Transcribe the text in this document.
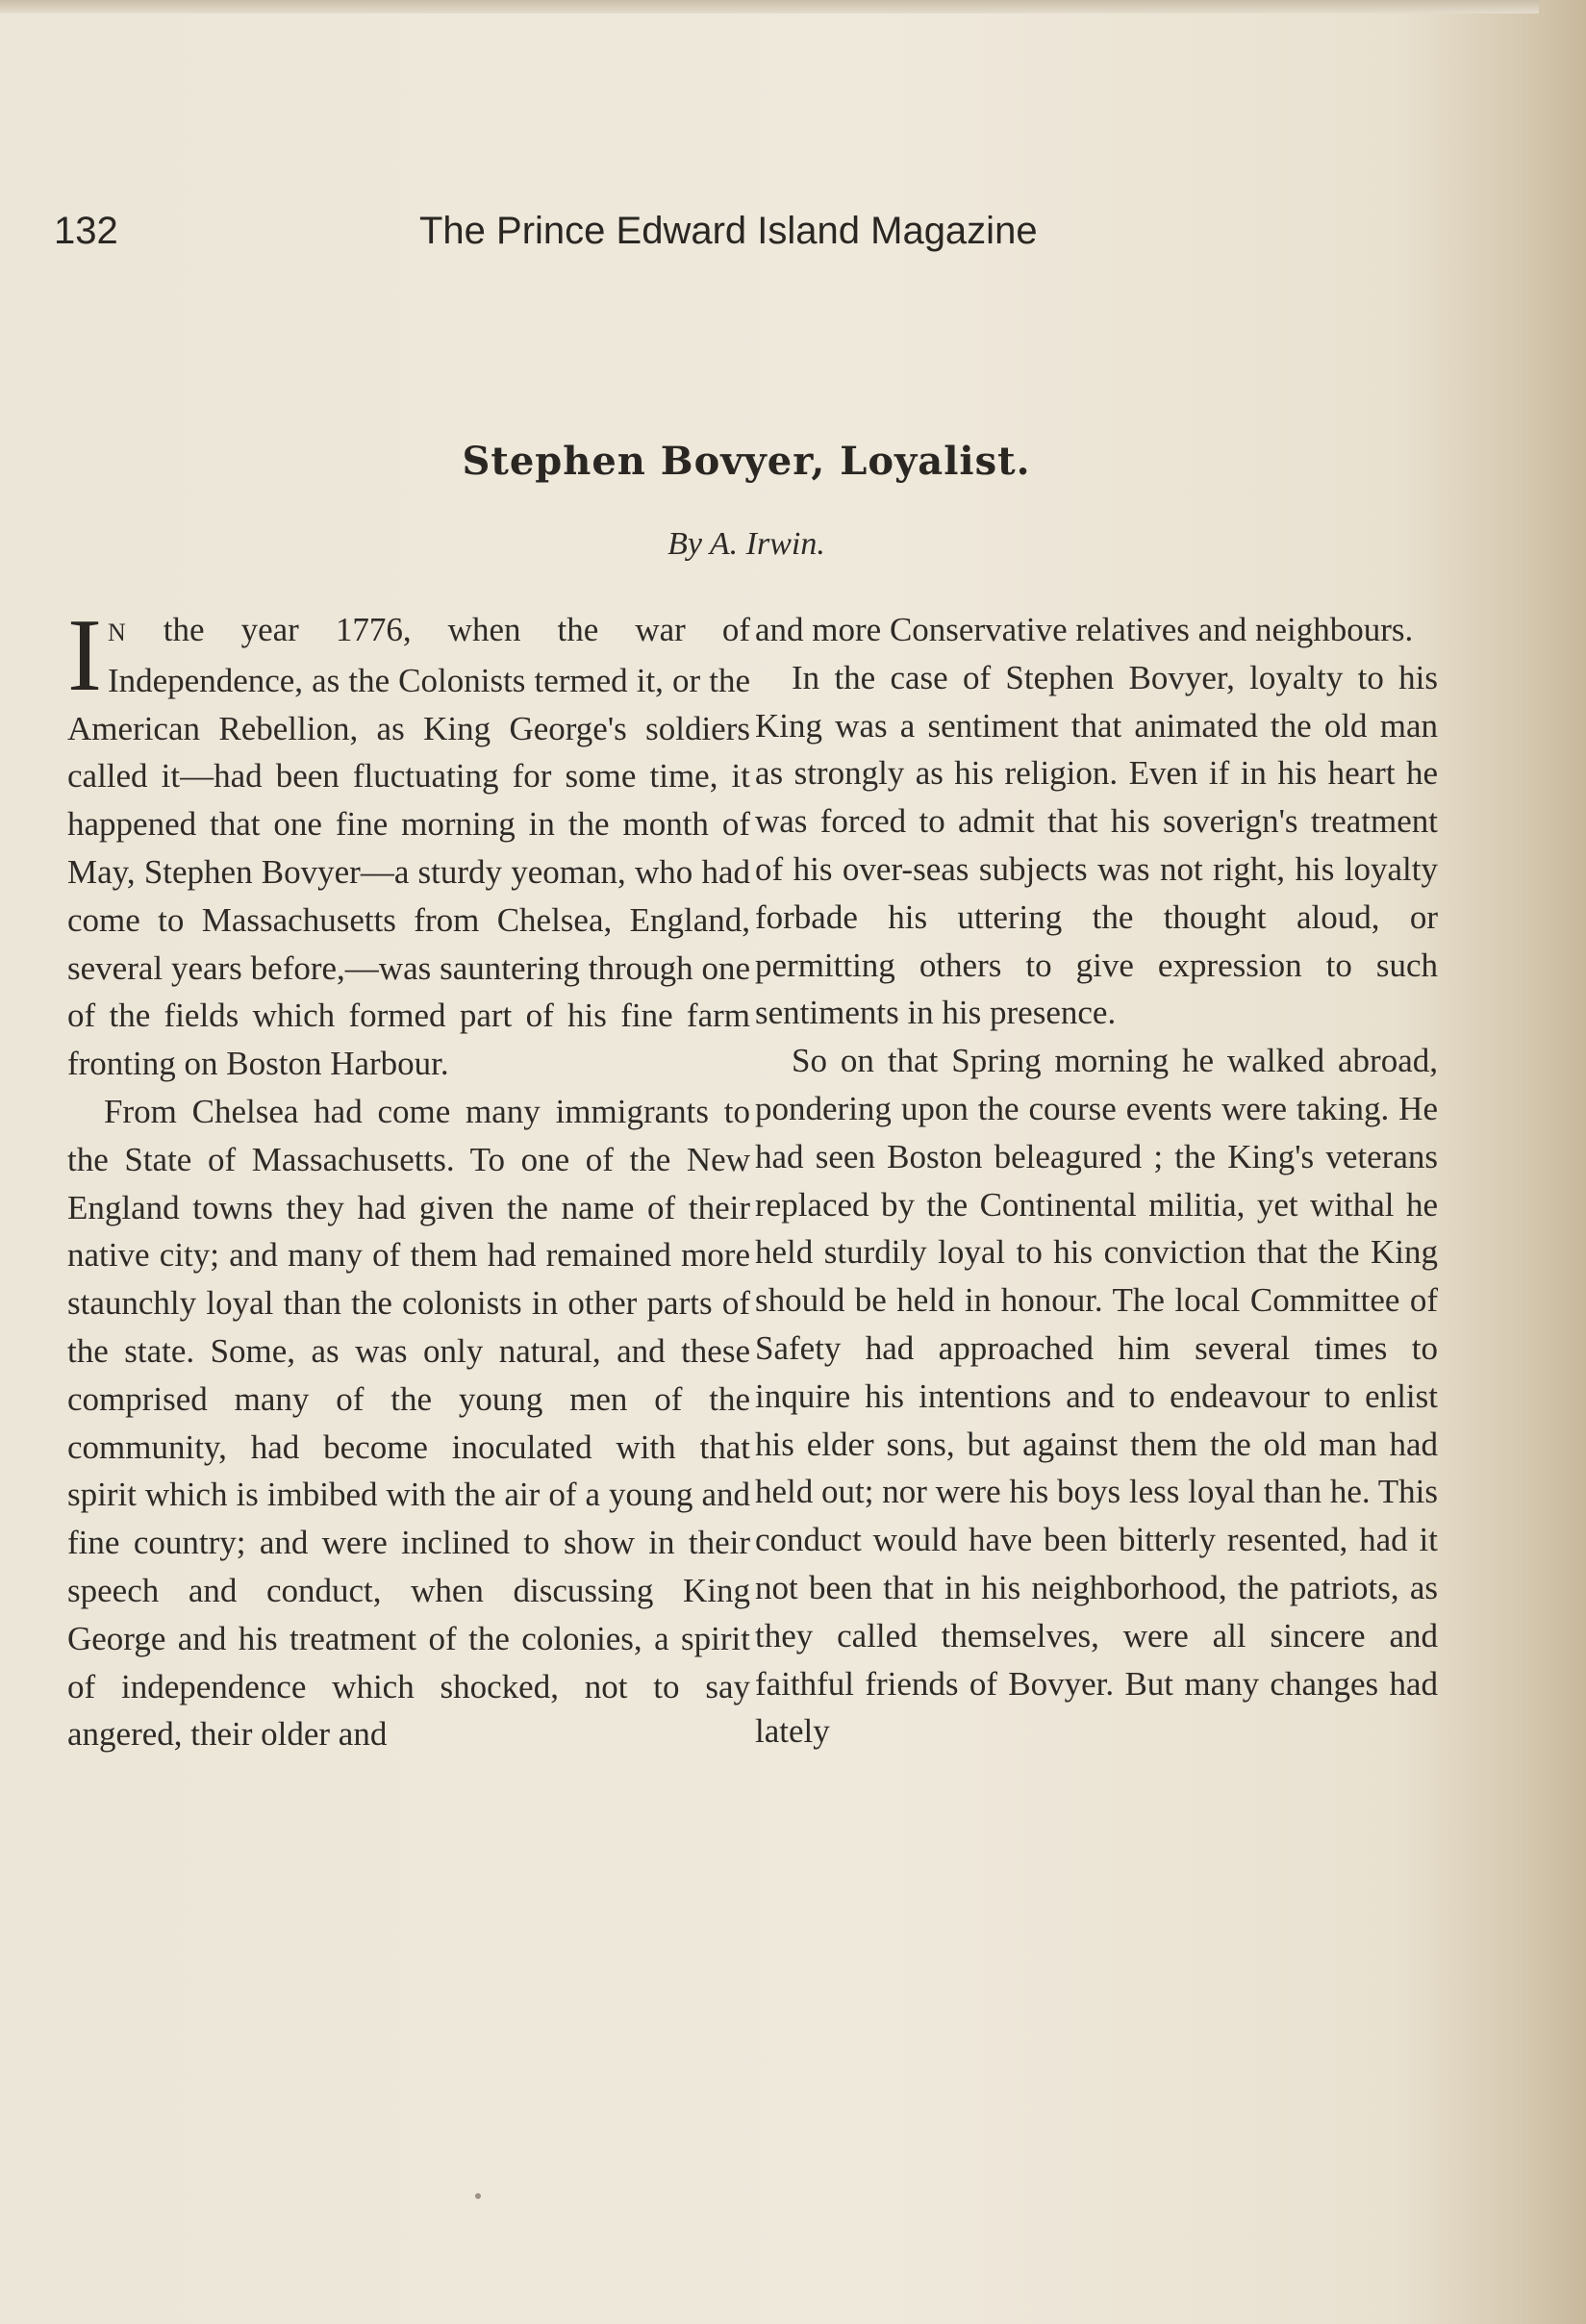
132	The Prince Edward Island Magazine
Stephen Bovyer, Loyalist.
By A. Irwin.

I N the year 1776, when the war of Independence, as the Colonists termed it, or the American Rebellion, as King George's soldiers called it—had been fluctuating for some time, it happened that one fine morning in the month of May, Stephen Bovyer—a sturdy yeoman, who had come to Massachusetts from Chelsea, England, several years before,—was sauntering through one of the fields which formed part of his fine farm fronting on Boston Harbour.

From Chelsea had come many immigrants to the State of Massachusetts. To one of the New England towns they had given the name of their native city; and many of them had remained more staunchly loyal than the colonists in other parts of the state. Some, as was only natural, and these comprised many of the young men of the community, had become inoculated with that spirit which is imbibed with the air of a young and fine country; and were inclined to show in their speech and conduct, when discussing King George and his treatment of the colonies, a spirit of independence which shocked, not to say angered, their older and

and more Conservative relatives and neighbours.

In the case of Stephen Bovyer, loyalty to his King was a sentiment that animated the old man as strongly as his religion. Even if in his heart he was forced to admit that his soverign's treatment of his over-seas subjects was not right, his loyalty forbade his uttering the thought aloud, or permitting others to give expression to such sentiments in his presence.

So on that Spring morning he walked abroad, pondering upon the course events were taking. He had seen Boston beleagured ; the King's veterans replaced by the Continental militia, yet withal he held sturdily loyal to his conviction that the King should be held in honour. The local Committee of Safety had approached him several times to inquire his intentions and to endeavour to enlist his elder sons, but against them the old man had held out; nor were his boys less loyal than he. This conduct would have been bitterly resented, had it not been that in his neighborhood, the patriots, as they called themselves, were all sincere and faithful friends of Bovyer. But many changes had lately
